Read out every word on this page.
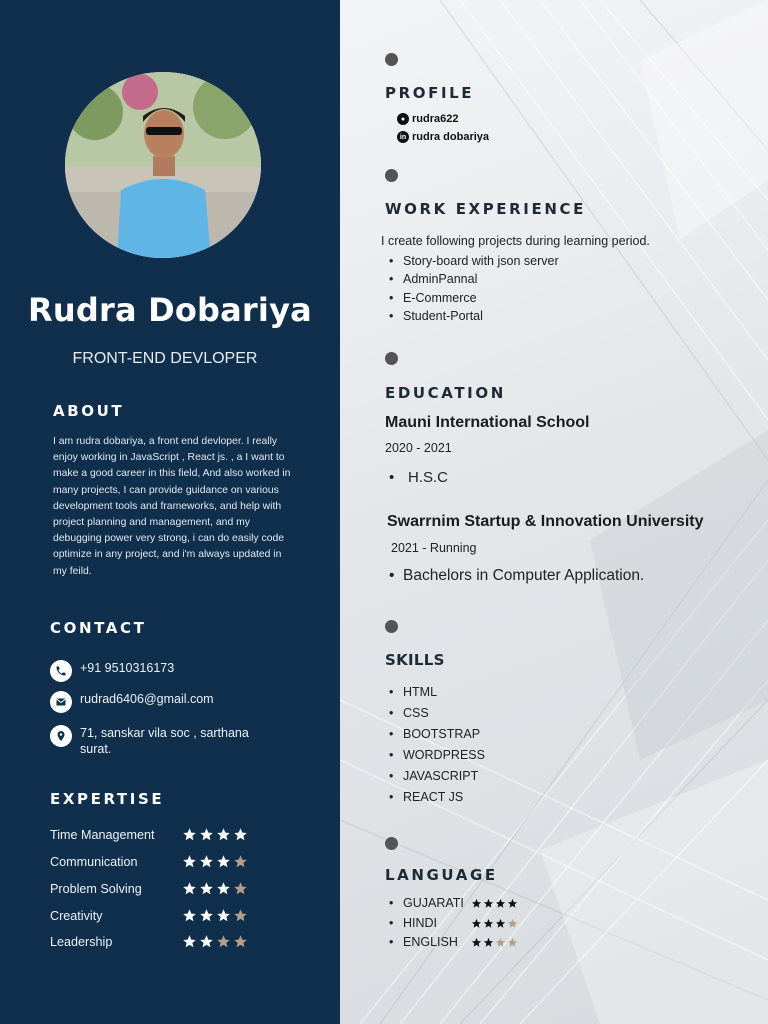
Rudra Dobariya
FRONT-END DEVLOPER
ABOUT
I am rudra dobariya, a front end devloper. I really enjoy working in JavaScript , React js. , a I want to make a good career in this field, And also worked in many projects, I can provide guidance on various development tools and frameworks, and help with project planning and management, and my debugging power very strong, i can do easily code optimize in any project, and i'm always updated in my feild.
CONTACT
+91 9510316173
rudrad6406@gmail.com
71, sanskar vila soc , sarthana
surat.
EXPERTISE
Time Management
Communication
Problem Solving
Creativity
Leadership
PROFILE
● rudra622
in rudra dobariya
WORK EXPERIENCE
I create following projects during learning period.
• Story-board with json server
• AdminPannal
• E-Commerce
• Student-Portal
EDUCATION
Mauni International School
2020 - 2021
• H.S.C
Swarrnim Startup & Innovation University
2021 - Running
• Bachelors in Computer Application.
SKILLS
• HTML
• CSS
• BOOTSTRAP
• WORDPRESS
• JAVASCRIPT
• REACT JS
LANGUAGE
• GUJARATI
• HINDI
• ENGLISH
